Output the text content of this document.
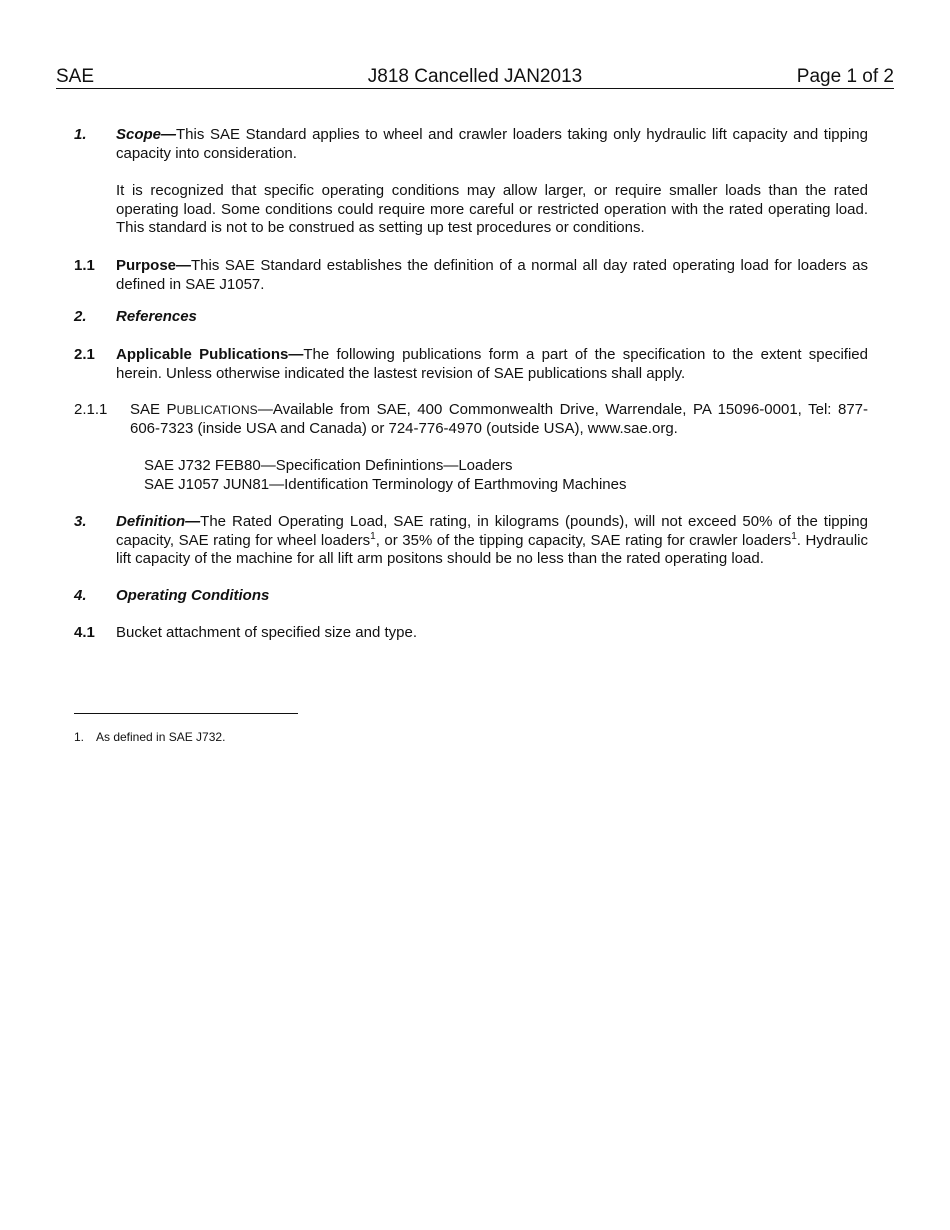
SAE	J818 Cancelled JAN2013	Page 1 of 2
1. Scope—This SAE Standard applies to wheel and crawler loaders taking only hydraulic lift capacity and tipping capacity into consideration.
It is recognized that specific operating conditions may allow larger, or require smaller loads than the rated operating load. Some conditions could require more careful or restricted operation with the rated operating load. This standard is not to be construed as setting up test procedures or conditions.
1.1 Purpose—This SAE Standard establishes the definition of a normal all day rated operating load for loaders as defined in SAE J1057.
2. References
2.1 Applicable Publications—The following publications form a part of the specification to the extent specified herein. Unless otherwise indicated the lastest revision of SAE publications shall apply.
2.1.1 SAE PUBLICATIONS—Available from SAE, 400 Commonwealth Drive, Warrendale, PA 15096-0001, Tel: 877-606-7323 (inside USA and Canada) or 724-776-4970 (outside USA), www.sae.org.
SAE J732 FEB80—Specification Definintions—Loaders
SAE J1057 JUN81—Identification Terminology of Earthmoving Machines
3. Definition—The Rated Operating Load, SAE rating, in kilograms (pounds), will not exceed 50% of the tipping capacity, SAE rating for wheel loaders$^1$, or 35% of the tipping capacity, SAE rating for crawler loaders$^1$. Hydraulic lift capacity of the machine for all lift arm positons should be no less than the rated operating load.
4. Operating Conditions
4.1 Bucket attachment of specified size and type.
1. As defined in SAE J732.
